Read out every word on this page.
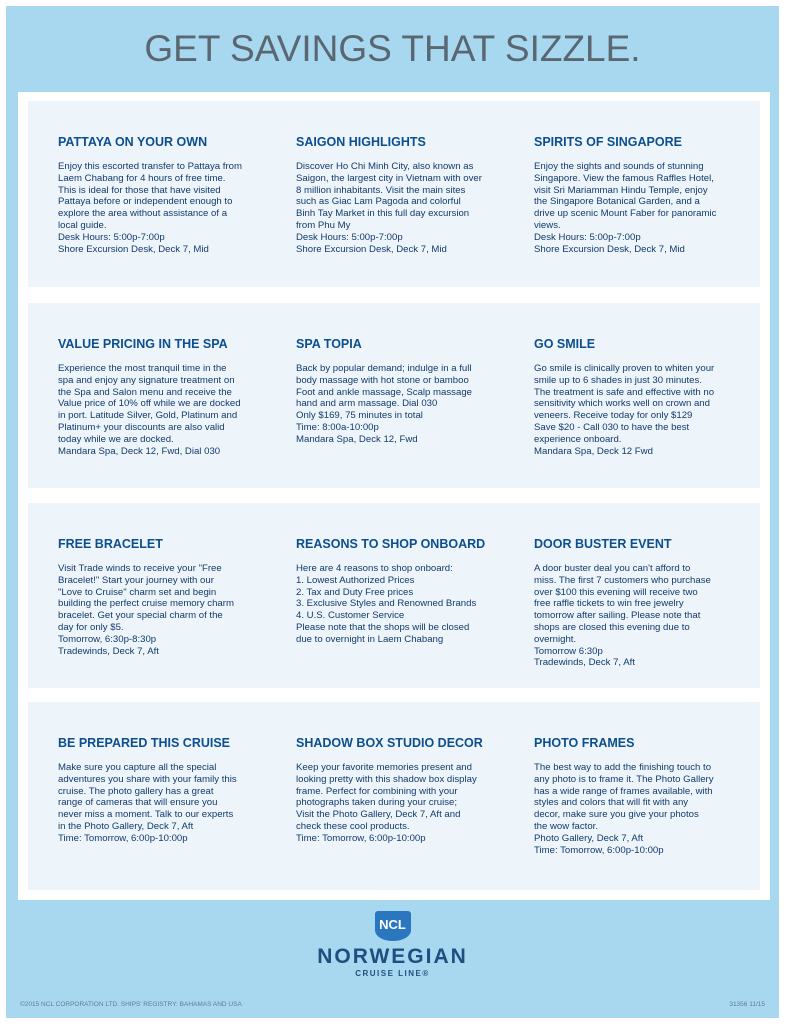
GET SAVINGS THAT SIZZLE.
PATTAYA ON YOUR OWN
Enjoy this escorted transfer to Pattaya from
Laem Chabang for 4 hours of free time.
This is ideal for those that have visited
Pattaya before or independent enough to
explore the area without assistance of a
local guide.
Desk Hours: 5:00p-7:00p
Shore Excursion Desk, Deck 7, Mid
SAIGON HIGHLIGHTS
Discover Ho Chi Minh City, also known as
Saigon, the largest city in Vietnam with over
8 million inhabitants. Visit the main sites
such as Giac Lam Pagoda and colorful
Binh Tay Market in this full day excursion
from Phu My
Desk Hours: 5:00p-7:00p
Shore Excursion Desk, Deck 7, Mid
SPIRITS OF SINGAPORE
Enjoy the sights and sounds of stunning
Singapore. View the famous Raffles Hotel,
visit Sri Mariamman Hindu Temple, enjoy
the Singapore Botanical Garden, and a
drive up scenic Mount Faber for panoramic
views.
Desk Hours: 5:00p-7:00p
Shore Excursion Desk, Deck 7, Mid
VALUE PRICING IN THE SPA
Experience the most tranquil time in the
spa and enjoy any signature treatment on
the Spa and Salon menu and receive the
Value price of 10% off while we are docked
in port. Latitude Silver, Gold, Platinum and
Platinum+ your discounts are also valid
today while we are docked.
Mandara Spa, Deck 12, Fwd, Dial 030
SPA TOPIA
Back by popular demand; indulge in a full
body massage with hot stone or bamboo
Foot and ankle massage, Scalp massage
hand and arm massage. Dial 030
Only $169, 75 minutes in total
Time: 8:00a-10:00p
Mandara Spa, Deck 12, Fwd
GO SMILE
Go smile is clinically proven to whiten your
smile up to 6 shades in just 30 minutes.
The treatment is safe and effective with no
sensitivity which works well on crown and
veneers. Receive today for only $129
Save $20 - Call 030 to have the best
experience onboard.
Mandara Spa, Deck 12 Fwd
FREE BRACELET
Visit Trade winds to receive your "Free
Bracelet!" Start your journey with our
"Love to Cruise" charm set and begin
building the perfect cruise memory charm
bracelet. Get your special charm of the
day for only $5.
Tomorrow, 6:30p-8:30p
Tradewinds, Deck 7, Aft
REASONS TO SHOP ONBOARD
Here are 4 reasons to shop onboard:
1. Lowest Authorized Prices
2. Tax and Duty Free prices
3. Exclusive Styles and Renowned Brands
4. U.S. Customer Service
Please note that the shops will be closed
due to overnight in Laem Chabang
DOOR BUSTER EVENT
A door buster deal you can't afford to
miss. The first 7 customers who purchase
over $100 this evening will receive two
free raffle tickets to win free jewelry
tomorrow after sailing. Please note that
shops are closed this evening due to
overnight.
Tomorrow 6:30p
Tradewinds, Deck 7, Aft
BE PREPARED THIS CRUISE
Make sure you capture all the special
adventures you share with your family this
cruise. The photo gallery has a great
range of cameras that will ensure you
never miss a moment. Talk to our experts
in the Photo Gallery, Deck 7, Aft
Time: Tomorrow, 6:00p-10:00p
SHADOW BOX STUDIO DECOR
Keep your favorite memories present and
looking pretty with this shadow box display
frame. Perfect for combining with your
photographs taken during your cruise;
Visit the Photo Gallery, Deck 7, Aft and
check these cool products.
Time: Tomorrow, 6:00p-10:00p
PHOTO FRAMES
The best way to add the finishing touch to
any photo is to frame it. The Photo Gallery
has a wide range of frames available, with
styles and colors that will fit with any
decor, make sure you give your photos
the wow factor.
Photo Gallery, Deck 7, Aft
Time: Tomorrow, 6:00p-10:00p
NCL
NORWEGIAN
CRUISE LINE®
©2015 NCL CORPORATION LTD. SHIPS' REGISTRY: BAHAMAS AND USA	31356 11/15
